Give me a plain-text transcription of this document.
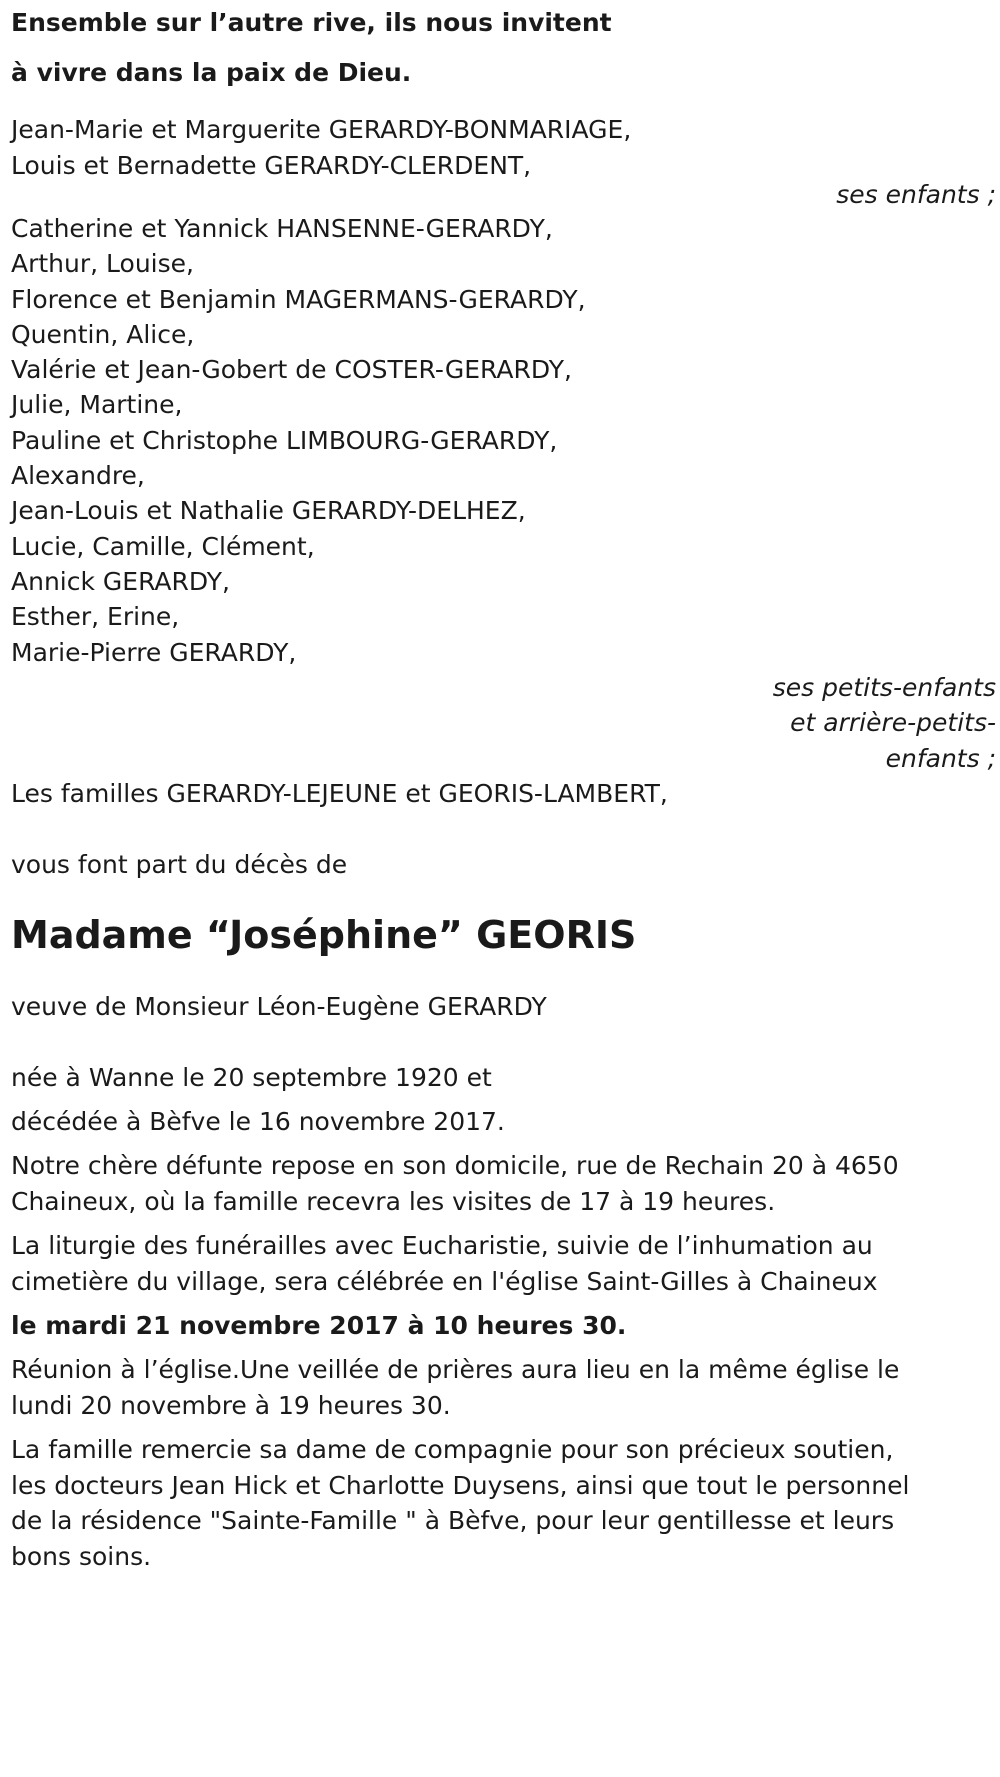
Ensemble sur l’autre rive, ils nous invitent
à vivre dans la paix de Dieu.

Jean-Marie et Marguerite GERARDY-BONMARIAGE,
Louis et Bernadette GERARDY-CLERDENT,

ses enfants ;

Catherine et Yannick HANSENNE-GERARDY,
Arthur, Louise,
Florence et Benjamin MAGERMANS-GERARDY,
Quentin, Alice,
Valérie et Jean-Gobert de COSTER-GERARDY,
Julie, Martine,
Pauline et Christophe LIMBOURG-GERARDY,
Alexandre,
Jean-Louis et Nathalie GERARDY-DELHEZ,
Lucie, Camille, Clément,
Annick GERARDY,
Esther, Erine,
Marie-Pierre GERARDY,
ses petits-enfants
et arrière-petits-
enfants ;

Les familles GERARDY-LEJEUNE et GEORIS-LAMBERT,

vous font part du décès de

Madame “Joséphine” GEORIS

veuve de Monsieur Léon-Eugène GERARDY

née à Wanne le 20 septembre 1920 et

décédée à Bèfve le 16 novembre 2017.

Notre chère défunte repose en son domicile, rue de Rechain 20 à 4650
Chaineux, où la famille recevra les visites de 17 à 19 heures.

La liturgie des funérailles avec Eucharistie, suivie de l’inhumation au
cimetière du village, sera célébrée en l'église Saint-Gilles à Chaineux

le mardi 21 novembre 2017 à 10 heures 30.

Réunion à l’église.Une veillée de prières aura lieu en la même église le
lundi 20 novembre à 19 heures 30.

La famille remercie sa dame de compagnie pour son précieux soutien,
les docteurs Jean Hick et Charlotte Duysens, ainsi que tout le personnel
de la résidence "Sainte-Famille " à Bèfve, pour leur gentillesse et leurs
bons soins.
